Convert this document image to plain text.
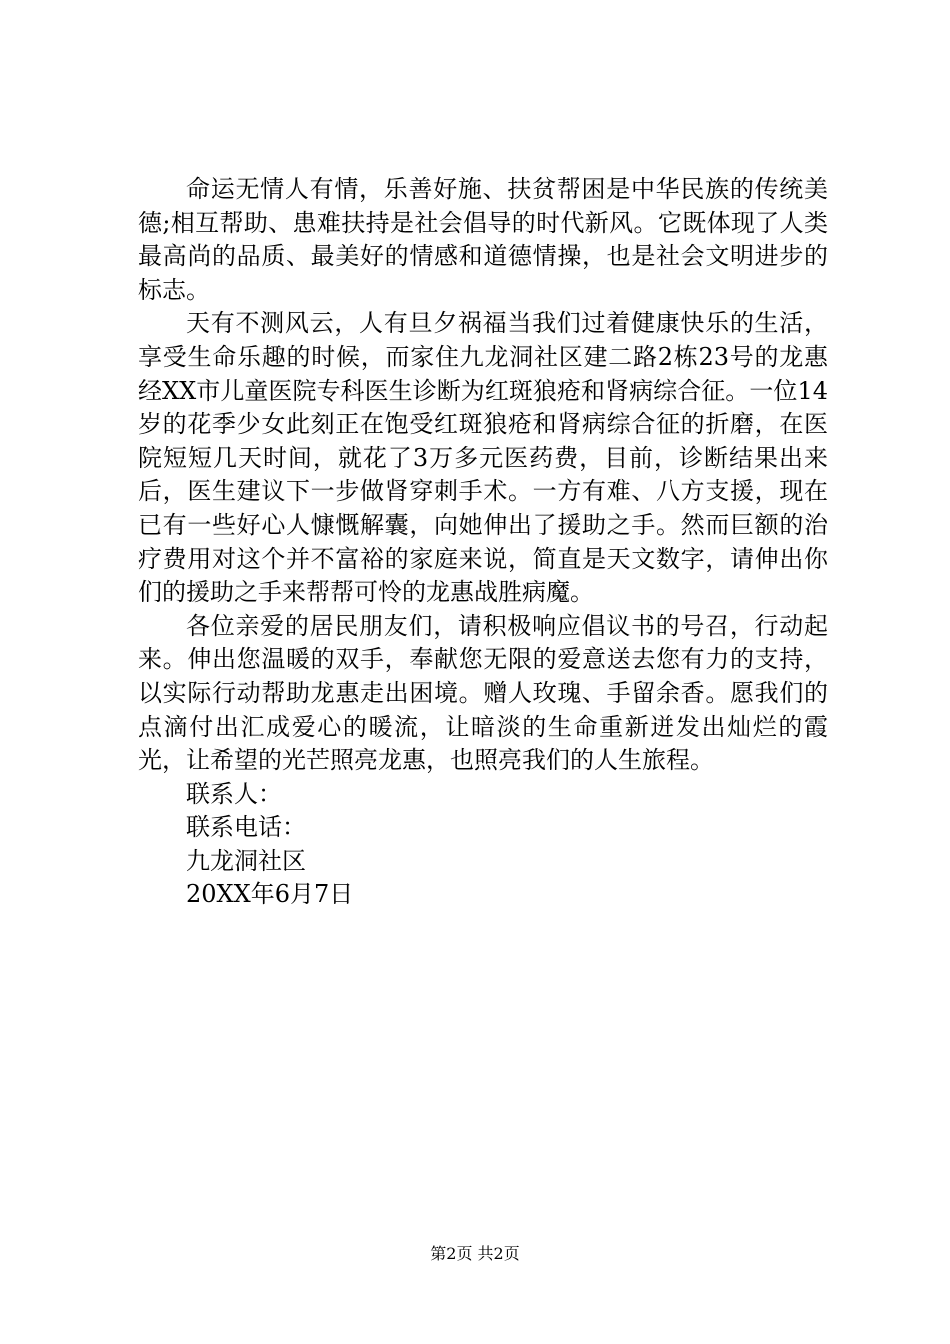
命运无情人有情，乐善好施、扶贫帮困是中华民族的传统美德;相互帮助、患难扶持是社会倡导的时代新风。它既体现了人类最高尚的品质、最美好的情感和道德情操，也是社会文明进步的标志。

天有不测风云，人有旦夕祸福当我们过着健康快乐的生活，享受生命乐趣的时候，而家住九龙洞社区建二路2栋23号的龙惠经XX市儿童医院专科医生诊断为红斑狼疮和肾病综合征。一位14岁的花季少女此刻正在饱受红斑狼疮和肾病综合征的折磨，在医院短短几天时间，就花了3万多元医药费，目前，诊断结果出来后，医生建议下一步做肾穿刺手术。一方有难、八方支援，现在已有一些好心人慷慨解囊，向她伸出了援助之手。然而巨额的治疗费用对这个并不富裕的家庭来说，简直是天文数字，请伸出你们的援助之手来帮帮可怜的龙惠战胜病魔。

各位亲爱的居民朋友们，请积极响应倡议书的号召，行动起来。伸出您温暖的双手，奉献您无限的爱意送去您有力的支持，以实际行动帮助龙惠走出困境。赠人玫瑰、手留余香。愿我们的点滴付出汇成爱心的暖流，让暗淡的生命重新迸发出灿烂的霞光，让希望的光芒照亮龙惠，也照亮我们的人生旅程。

联系人：

联系电话：

九龙洞社区

20XX年6月7日

第2页 共2页
